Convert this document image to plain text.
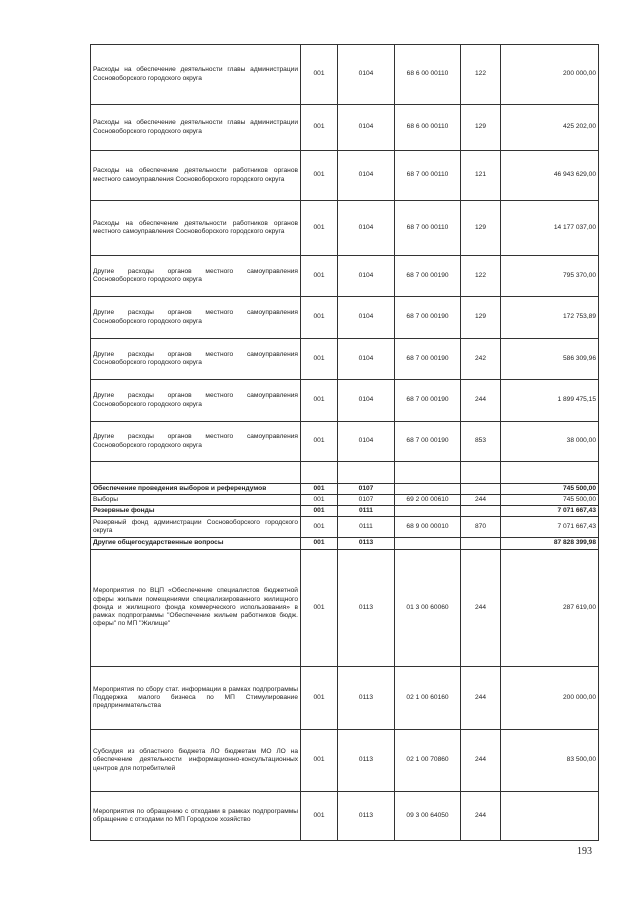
Расходы на обеспечение деятельности главы администрации Сосновоборского городского округа	001	0104	68 6 00 00110	122	200 000,00
Расходы на обеспечение деятельности главы администрации Сосновоборского городского округа	001	0104	68 6 00 00110	129	425 202,00
Расходы на обеспечение деятельности работников органов местного самоуправления Сосновоборского городского округа	001	0104	68 7 00 00110	121	46 943 629,00
Расходы на обеспечение деятельности работников органов местного самоуправления Сосновоборского городского округа	001	0104	68 7 00 00110	129	14 177 037,00
Другие расходы органов местного самоуправления Сосновоборского городского округа	001	0104	68 7 00 00190	122	795 370,00
Другие расходы органов местного самоуправления Сосновоборского городского округа	001	0104	68 7 00 00190	129	172 753,89
Другие расходы органов местного самоуправления Сосновоборского городского округа	001	0104	68 7 00 00190	242	586 309,96
Другие расходы органов местного самоуправления Сосновоборского городского округа	001	0104	68 7 00 00190	244	1 899 475,15
Другие расходы органов местного самоуправления Сосновоборского городского округа	001	0104	68 7 00 00190	853	38 000,00

Обеспечение проведения выборов и референдумов	001	0107			745 500,00
Выборы	001	0107	69 2 00 00610	244	745 500,00
Резервные фонды	001	0111			7 071 667,43
Резервный фонд администрации Сосновоборского городского округа	001	0111	68 9 00 00010	870	7 071 667,43
Другие общегосударственные вопросы	001	0113			87 828 399,98
Мероприятия по ВЦП «Обеспечение специалистов бюджетной сферы жилыми помещениями специализированного жилищного фонда и жилищного фонда коммерческого использования» в рамках подпрограммы "Обеспечение жильем работников бюдж. сферы" по МП "Жилище"	001	0113	01 3 00 60060	244	287 619,00
Мероприятия по сбору стат. информации в рамках подпрограммы Поддержка малого бизнеса по МП Стимулирование предпринимательства	001	0113	02 1 00 60160	244	200 000,00
Субсидия из областного бюджета ЛО бюджетам МО ЛО на обеспечение деятельности информационно-консультационных центров для потребителей	001	0113	02 1 00 70860	244	83 500,00
Мероприятия по обращению с отходами в рамках подпрограммы обращение с отходами по МП Городское хозяйство	001	0113	09 3 00 64050	244	
193
